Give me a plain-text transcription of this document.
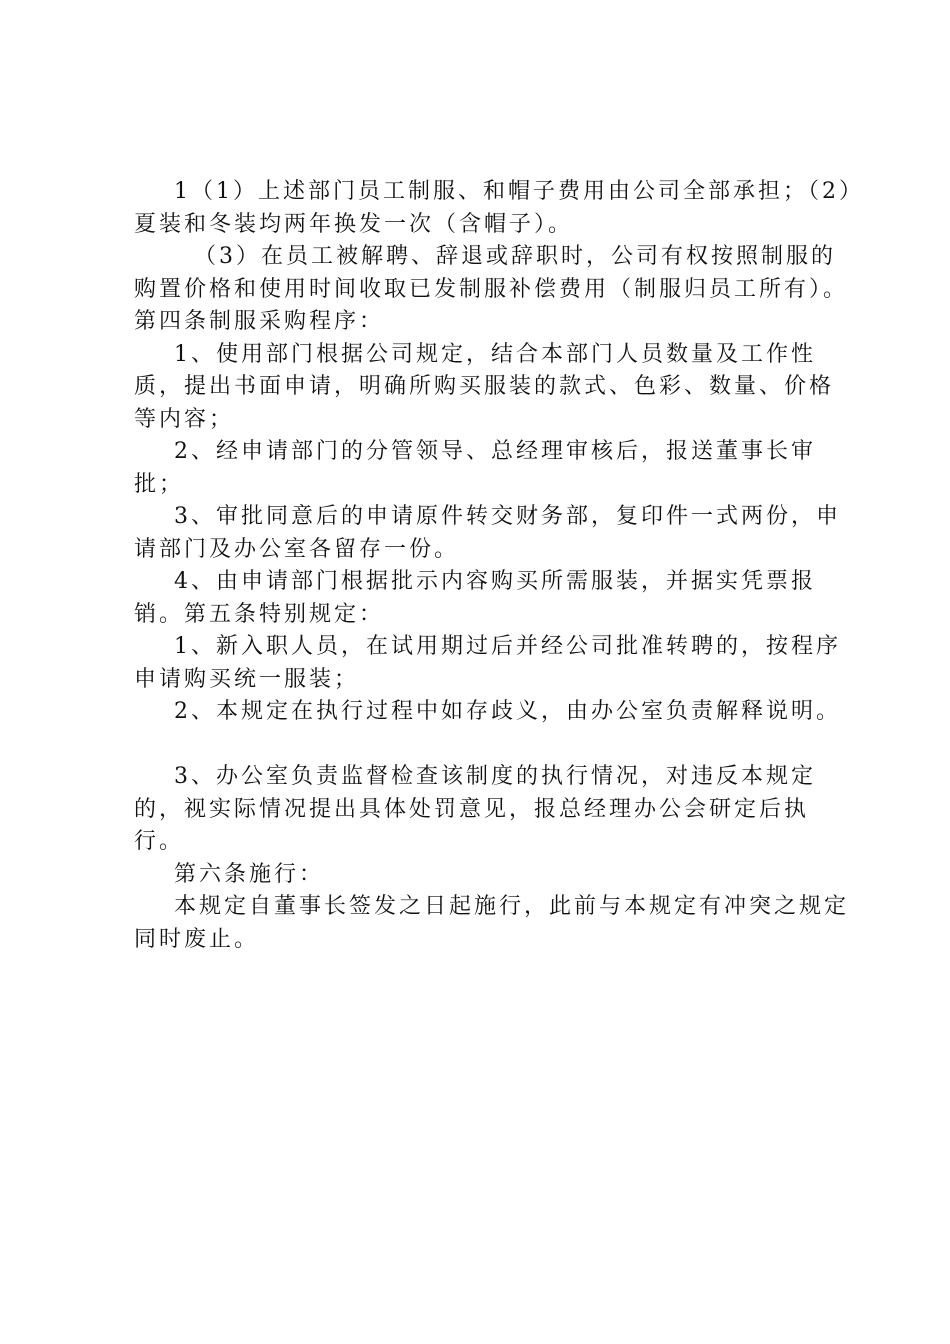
1（1）上述部门员工制服、和帽子费用由公司全部承担；（2）夏装和冬装均两年换发一次（含帽子）。

（3）在员工被解聘、辞退或辞职时，公司有权按照制服的购置价格和使用时间收取已发制服补偿费用（制服归员工所有）。第四条制服采购程序：

1、使用部门根据公司规定，结合本部门人员数量及工作性质，提出书面申请，明确所购买服装的款式、色彩、数量、价格等内容；

2、经申请部门的分管领导、总经理审核后，报送董事长审批；

3、审批同意后的申请原件转交财务部，复印件一式两份，申请部门及办公室各留存一份。

4、由申请部门根据批示内容购买所需服装，并据实凭票报销。第五条特别规定：

1、新入职人员，在试用期过后并经公司批准转聘的，按程序申请购买统一服装；

2、本规定在执行过程中如存歧义，由办公室负责解释说明。

3、办公室负责监督检查该制度的执行情况，对违反本规定的，视实际情况提出具体处罚意见，报总经理办公会研定后执行。

第六条施行：

本规定自董事长签发之日起施行，此前与本规定有冲突之规定同时废止。
